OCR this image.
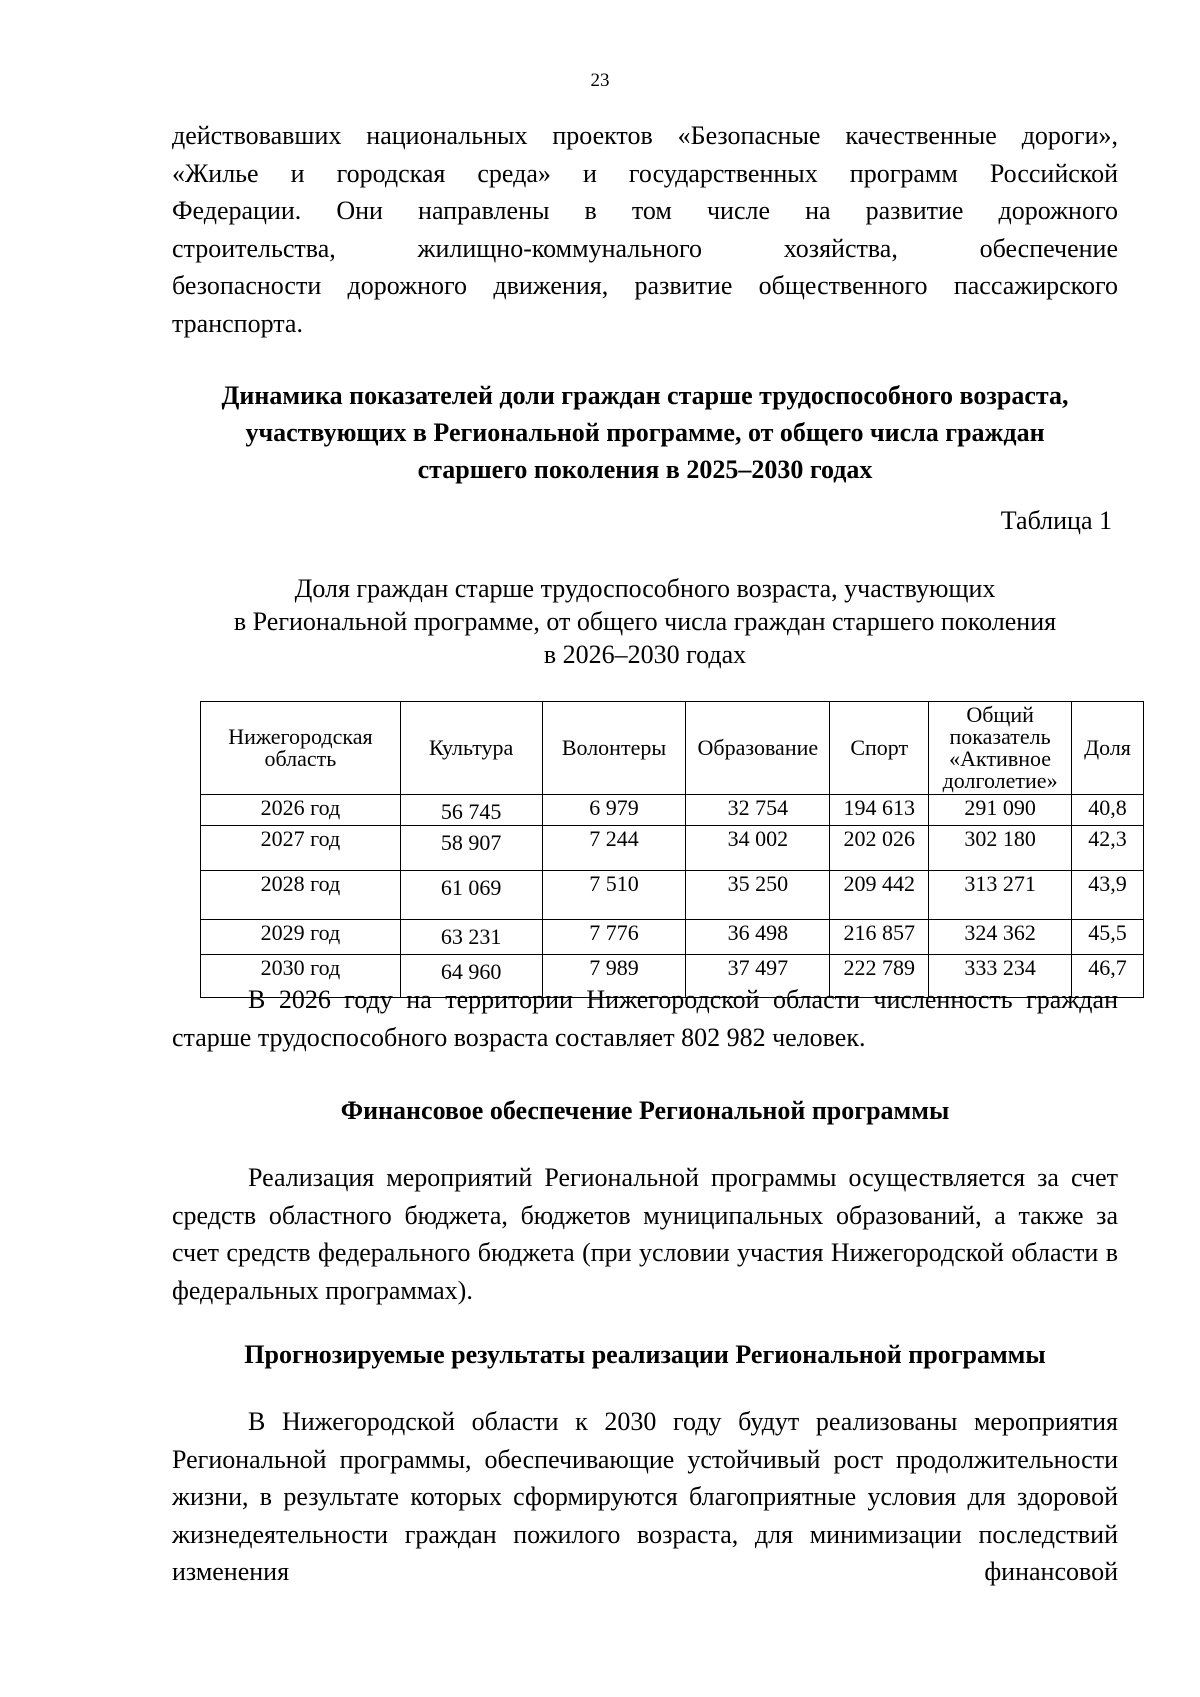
23

действовавших национальных проектов «Безопасные качественные дороги»,

«Жилье и городская среда» и государственных программ Российской

Федерации. Они направлены в том числе на развитие дорожного

строительства, жилищно-коммунального хозяйства, обеспечение

безопасности дорожного движения, развитие общественного пассажирского

транспорта.

Динамика показателей доли граждан старше трудоспособного возраста,

участвующих в Региональной программе, от общего числа граждан

старшего поколения в 2025–2030 годах

Таблица 1
Доля граждан старше трудоспособного возраста, участвующих
в Региональной программе, от общего числа граждан старшего поколения
в 2026–2030 годах
Нижегородская область	Культура	Волонтеры	Образование	Спорт	Общий показатель «Активное долголетие»	Доля
2026 год	56 745	6 979	32 754	194 613	291 090	40,8
2027 год	58 907	7 244	34 002	202 026	302 180	42,3
2028 год	61 069	7 510	35 250	209 442	313 271	43,9
2029 год	63 231	7 776	36 498	216 857	324 362	45,5
2030 год	64 960	7 989	37 497	222 789	333 234	46,7

В 2026 году на территории Нижегородской области численность граждан старше трудоспособного возраста составляет 802 982 человек.

Финансовое обеспечение Региональной программы

Реализация мероприятий Региональной программы осуществляется за счет средств областного бюджета, бюджетов муниципальных образований, а также за счет средств федерального бюджета (при условии участия Нижегородской области в федеральных программах).

Прогнозируемые результаты реализации Региональной программы

В Нижегородской области к 2030 году будут реализованы мероприятия Региональной программы, обеспечивающие устойчивый рост продолжительности жизни, в результате которых сформируются благоприятные условия для здоровой жизнедеятельности граждан пожилого возраста, для минимизации последствий изменения финансовой
